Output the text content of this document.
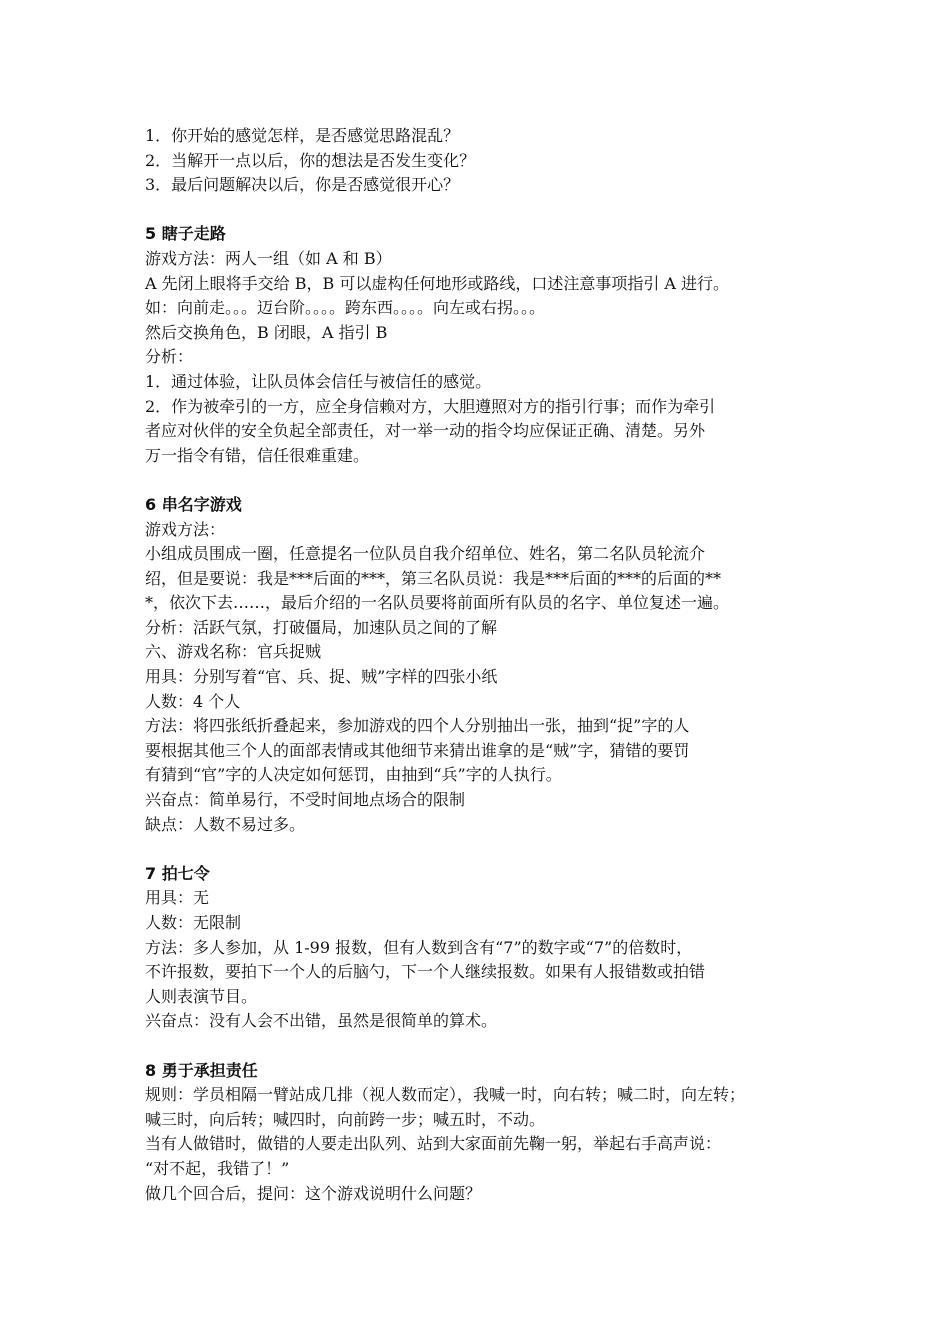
1．你开始的感觉怎样，是否感觉思路混乱？
2．当解开一点以后，你的想法是否发生变化？
3．最后问题解决以后，你是否感觉很开心？
5 瞎子走路
游戏方法：两人一组（如 A 和 B）
A 先闭上眼将手交给 B，B 可以虚构任何地形或路线，口述注意事项指引 A 进行。
如：向前走。。。迈台阶。。。。跨东西。。。。向左或右拐。。。
然后交换角色，B 闭眼，A 指引 B
分析：
1．通过体验，让队员体会信任与被信任的感觉。
2．作为被牵引的一方，应全身信赖对方，大胆遵照对方的指引行事；而作为牵引
者应对伙伴的安全负起全部责任，对一举一动的指令均应保证正确、清楚。另外
万一指令有错，信任很难重建。
6 串名字游戏
游戏方法：
小组成员围成一圈，任意提名一位队员自我介绍单位、姓名，第二名队员轮流介
绍，但是要说：我是***后面的***，第三名队员说：我是***后面的***的后面的**
*，依次下去……，最后介绍的一名队员要将前面所有队员的名字、单位复述一遍。
分析：活跃气氛，打破僵局，加速队员之间的了解
六、游戏名称：官兵捉贼
用具：分别写着“官、兵、捉、贼”字样的四张小纸
人数：4 个人
方法：将四张纸折叠起来，参加游戏的四个人分别抽出一张，抽到“捉”字的人
要根据其他三个人的面部表情或其他细节来猜出谁拿的是“贼”字，猜错的要罚
有猜到“官”字的人决定如何惩罚，由抽到“兵”字的人执行。
兴奋点：简单易行，不受时间地点场合的限制
缺点：人数不易过多。
7 拍七令
用具：无
人数：无限制
方法：多人参加，从 1-99 报数，但有人数到含有“7”的数字或“7”的倍数时，
不许报数，要拍下一个人的后脑勺，下一个人继续报数。如果有人报错数或拍错
人则表演节目。
兴奋点：没有人会不出错，虽然是很简单的算术。
8 勇于承担责任
规则：学员相隔一臂站成几排（视人数而定），我喊一时，向右转；喊二时，向左转；
喊三时，向后转；喊四时，向前跨一步；喊五时，不动。
当有人做错时，做错的人要走出队列、站到大家面前先鞠一躬，举起右手高声说：
“对不起，我错了！”
做几个回合后，提问：这个游戏说明什么问题？
